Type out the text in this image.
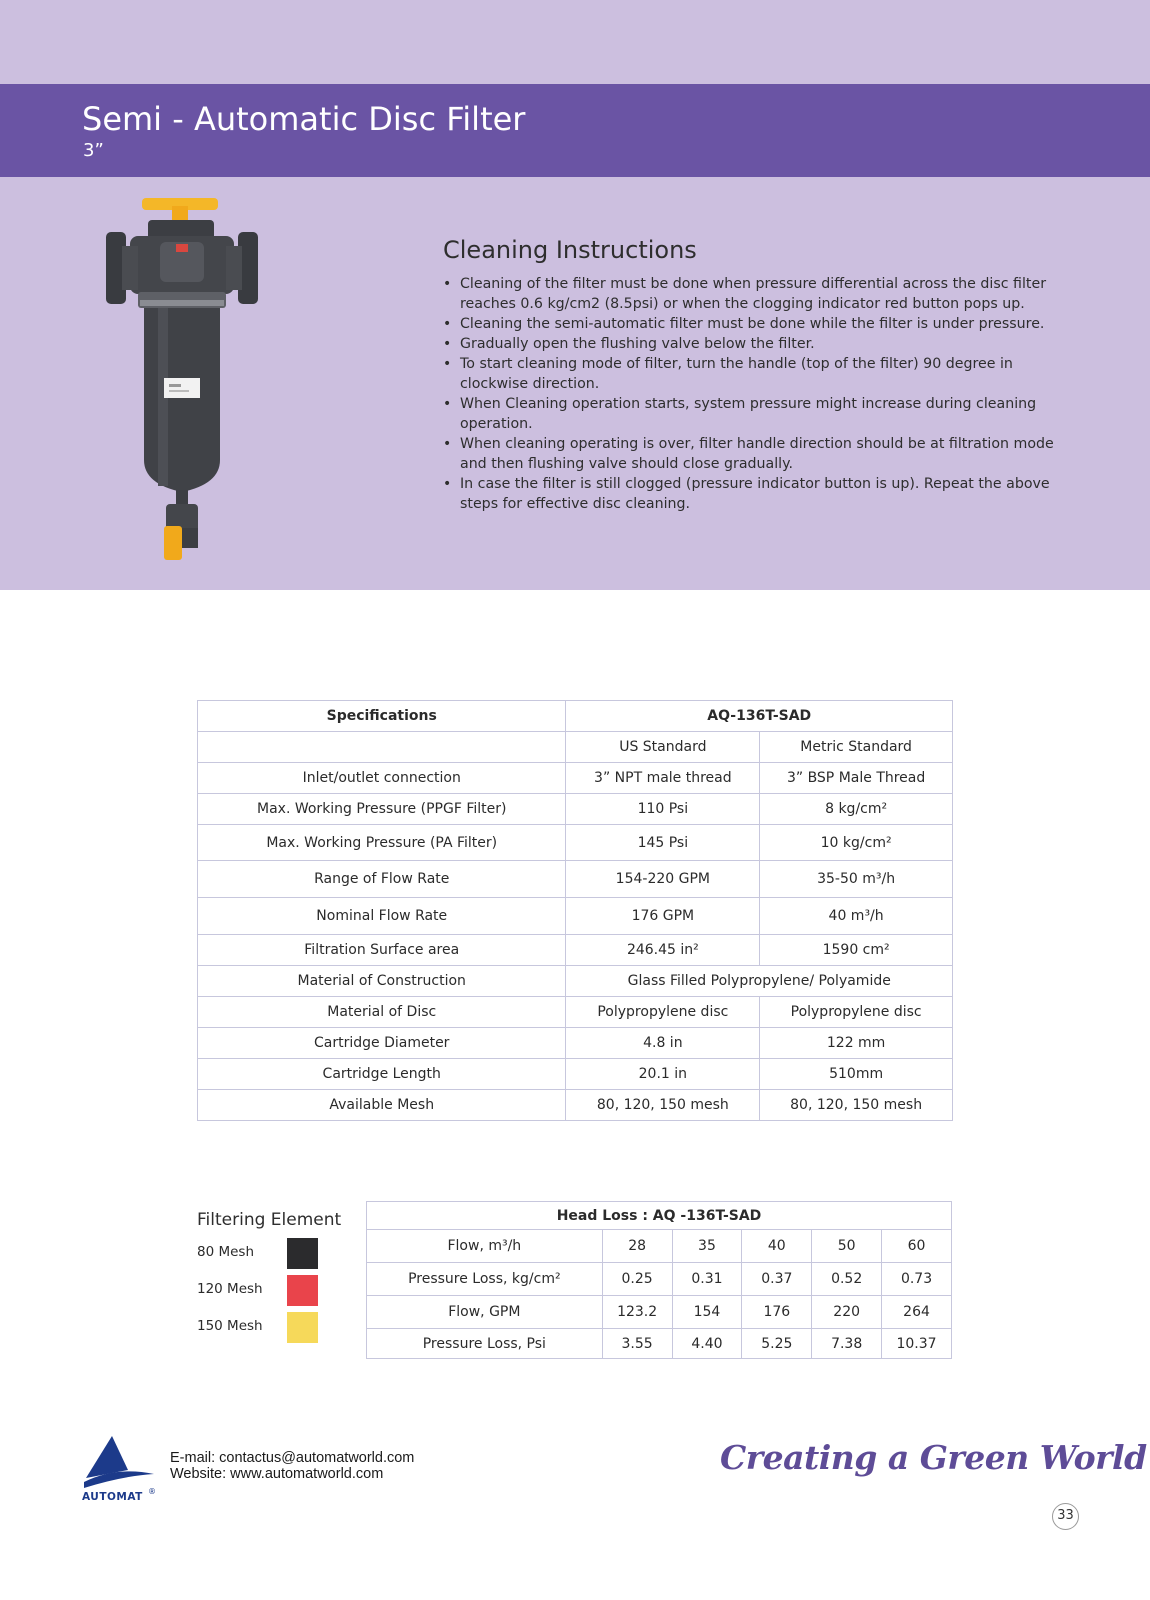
Semi - Automatic Disc Filter
3”
Cleaning Instructions
• Cleaning of the filter must be done when pressure differential across the disc filter reaches 0.6 kg/cm2 (8.5psi) or when the clogging indicator red button pops up.
• Cleaning the semi-automatic filter must be done while the filter is under pressure.
• Gradually open the flushing valve below the filter.
• To start cleaning mode of filter, turn the handle (top of the filter) 90 degree in clockwise direction.
• When Cleaning operation starts, system pressure might increase during cleaning operation.
• When cleaning operating is over, filter handle direction should be at filtration mode and then flushing valve should close gradually.
• In case the filter is still clogged (pressure indicator button is up). Repeat the above steps for effective disc cleaning.
Specifications	AQ-136T-SAD	
	US Standard	Metric Standard
Inlet/outlet connection	3” NPT male thread	3” BSP Male Thread
Max. Working Pressure (PPGF Filter)	110 Psi	8 kg/cm²
Max. Working Pressure (PA Filter)	145 Psi	10 kg/cm²
Range of Flow Rate	154-220 GPM	35-50 m³/h
Nominal Flow Rate	176 GPM	40 m³/h
Filtration Surface area	246.45 in²	1590 cm²
Material of Construction	Glass Filled Polypropylene/ Polyamide	
Material of Disc	Polypropylene disc	Polypropylene disc
Cartridge Diameter	4.8 in	122 mm
Cartridge Length	20.1 in	510mm
Available Mesh	80, 120, 150 mesh	80, 120, 150 mesh
Filtering Element
80 Mesh
120 Mesh
150 Mesh
Head Loss : AQ -136T-SAD					
Flow, m³/h	28	35	40	50	60
Pressure Loss, kg/cm²	0.25	0.31	0.37	0.52	0.73
Flow, GPM	123.2	154	176	220	264
Pressure Loss, Psi	3.55	4.40	5.25	7.38	10.37
AUTOMAT ®
E-mail: contactus@automatworld.com
Website: www.automatworld.com	Creating a Green World
33
